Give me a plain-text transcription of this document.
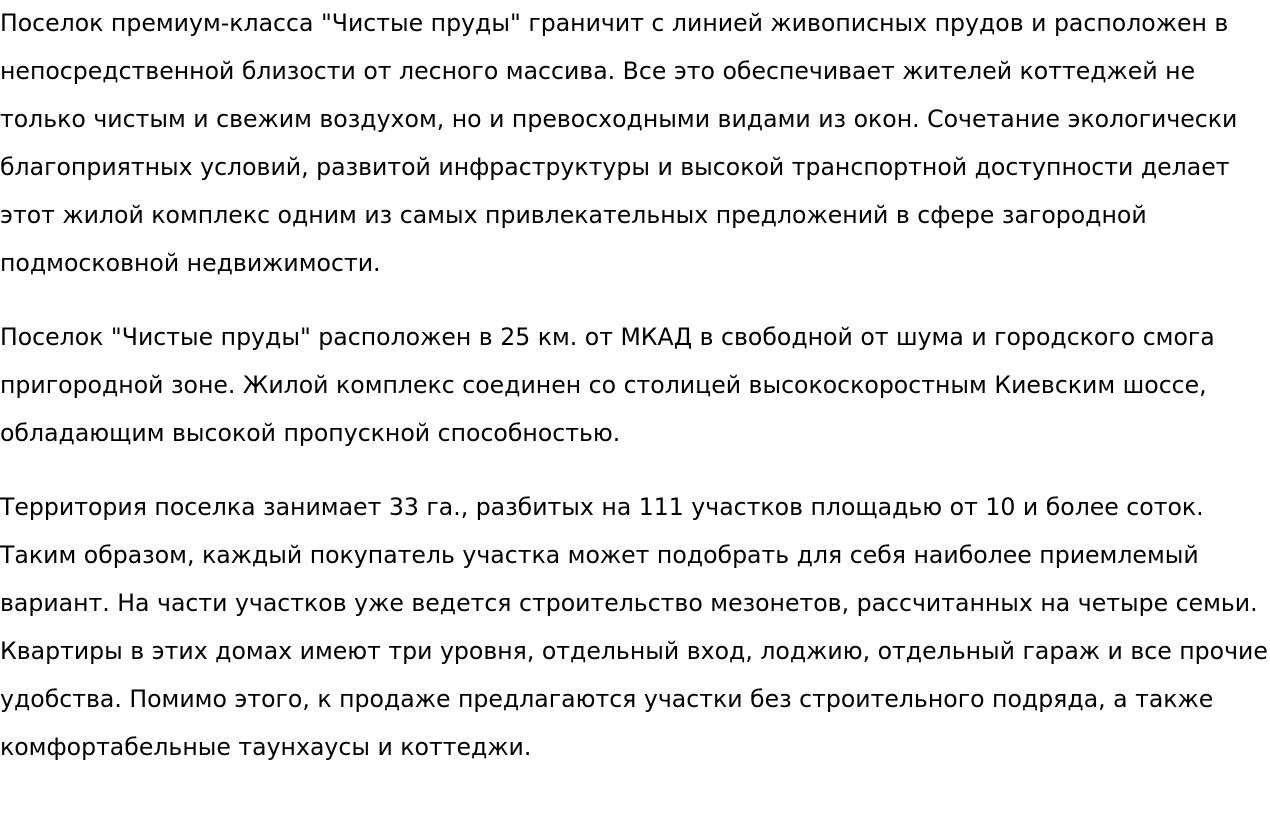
Поселок премиум-класса "Чистые пруды" граничит с линией живописных прудов и расположен в непосредственной близости от лесного массива. Все это обеспечивает жителей коттеджей не только чистым и свежим воздухом, но и превосходными видами из окон. Сочетание экологически благоприятных условий, развитой инфраструктуры и высокой транспортной доступности делает этот жилой комплекс одним из самых привлекательных предложений в сфере загородной подмосковной недвижимости.

Поселок "Чистые пруды" расположен в 25 км. от МКАД в свободной от шума и городского смога пригородной зоне. Жилой комплекс соединен со столицей высокоскоростным Киевским шоссе, обладающим высокой пропускной способностью.

Территория поселка занимает 33 га., разбитых на 111 участков площадью от 10 и более соток. Таким образом, каждый покупатель участка может подобрать для себя наиболее приемлемый вариант. На части участков уже ведется строительство мезонетов, рассчитанных на четыре семьи. Квартиры в этих домах имеют три уровня, отдельный вход, лоджию, отдельный гараж и все прочие удобства. Помимо этого, к продаже предлагаются участки без строительного подряда, а также комфортабельные таунхаусы и коттеджи.
